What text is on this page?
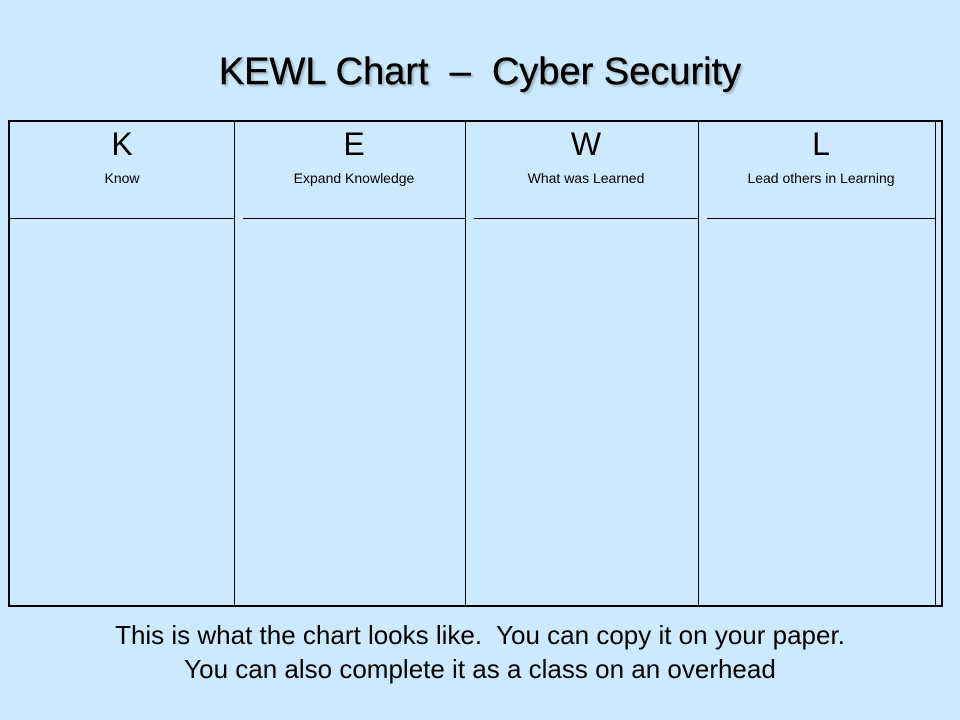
KEWL Chart  –  Cyber Security
K
Know
E
Expand Knowledge
W
What was Learned
L
Lead others in Learning
This is what the chart looks like.  You can copy it on your paper.
You can also complete it as a class on an overhead
